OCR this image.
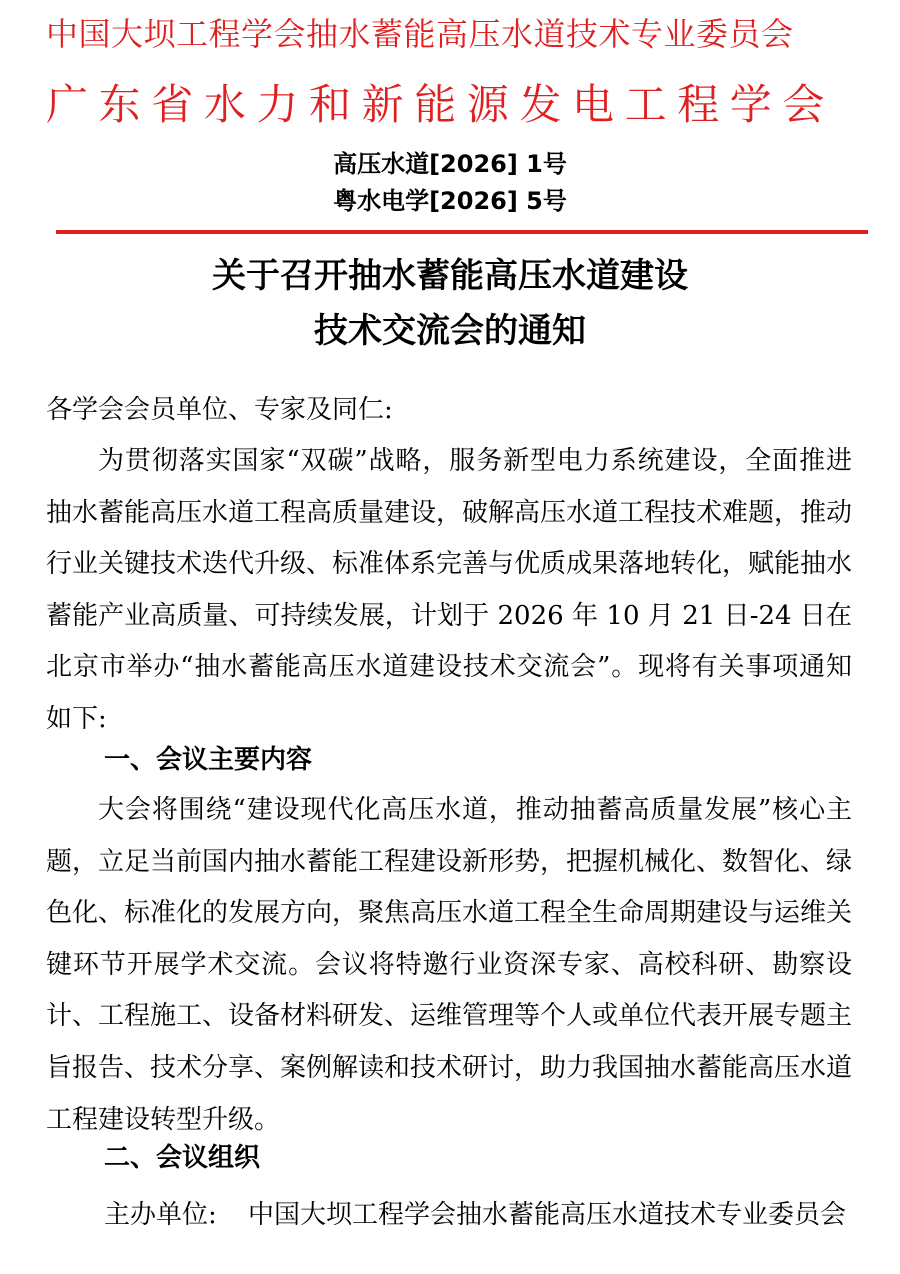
中国大坝工程学会抽水蓄能高压水道技术专业委员会
广东省水力和新能源发电工程学会
高压水道[2026] 1号
粤水电学[2026] 5号
关于召开抽水蓄能高压水道建设
技术交流会的通知
各学会会员单位、专家及同仁:

为贯彻落实国家“双碳”战略，服务新型电力系统建设，全面推进抽水蓄能高压水道工程高质量建设，破解高压水道工程技术难题，推动行业关键技术迭代升级、标准体系完善与优质成果落地转化，赋能抽水蓄能产业高质量、可持续发展，计划于 2026 年 10 月 21 日-24 日在北京市举办“抽水蓄能高压水道建设技术交流会”。现将有关事项通知如下:

一、会议主要内容

大会将围绕“建设现代化高压水道，推动抽蓄高质量发展”核心主题，立足当前国内抽水蓄能工程建设新形势，把握机械化、数智化、绿色化、标准化的发展方向，聚焦高压水道工程全生命周期建设与运维关键环节开展学术交流。会议将特邀行业资深专家、高校科研、勘察设计、工程施工、设备材料研发、运维管理等个人或单位代表开展专题主旨报告、技术分享、案例解读和技术研讨，助力我国抽水蓄能高压水道工程建设转型升级。

二、会议组织
主办单位: 中国大坝工程学会抽水蓄能高压水道技术专业委员会
